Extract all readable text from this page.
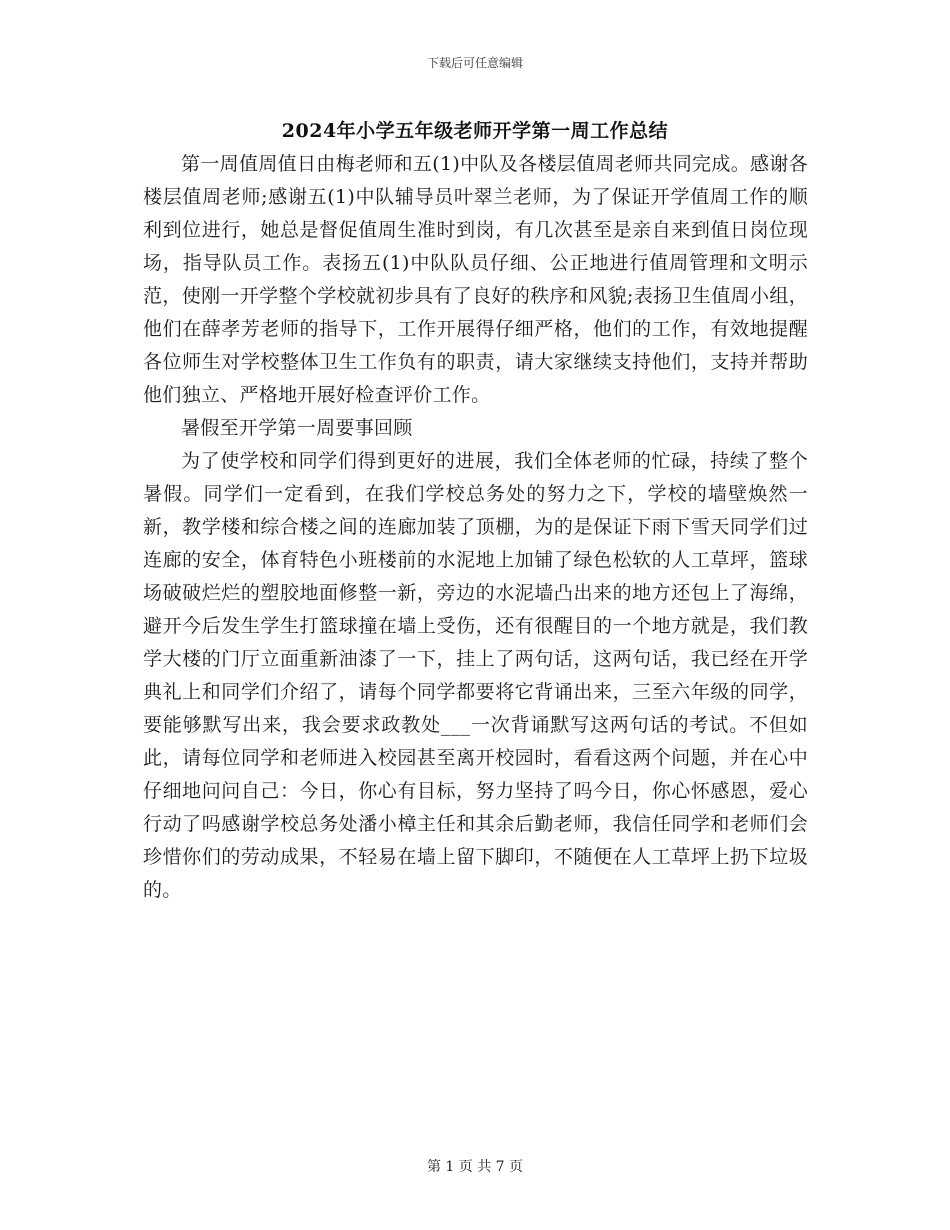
下载后可任意编辑
2024年小学五年级老师开学第一周工作总结

第一周值周值日由梅老师和五(1)中队及各楼层值周老师共同完成。感谢各楼层值周老师;感谢五(1)中队辅导员叶翠兰老师，为了保证开学值周工作的顺利到位进行，她总是督促值周生准时到岗，有几次甚至是亲自来到值日岗位现场，指导队员工作。表扬五(1)中队队员仔细、公正地进行值周管理和文明示范，使刚一开学整个学校就初步具有了良好的秩序和风貌;表扬卫生值周小组，他们在薛孝芳老师的指导下，工作开展得仔细严格，他们的工作，有效地提醒各位师生对学校整体卫生工作负有的职责，请大家继续支持他们，支持并帮助他们独立、严格地开展好检查评价工作。

暑假至开学第一周要事回顾

为了使学校和同学们得到更好的进展，我们全体老师的忙碌，持续了整个暑假。同学们一定看到，在我们学校总务处的努力之下，学校的墙壁焕然一新，教学楼和综合楼之间的连廊加装了顶棚，为的是保证下雨下雪天同学们过连廊的安全，体育特色小班楼前的水泥地上加铺了绿色松软的人工草坪，篮球场破破烂烂的塑胶地面修整一新，旁边的水泥墙凸出来的地方还包上了海绵，避开今后发生学生打篮球撞在墙上受伤，还有很醒目的一个地方就是，我们教学大楼的门厅立面重新油漆了一下，挂上了两句话，这两句话，我已经在开学典礼上和同学们介绍了，请每个同学都要将它背诵出来，三至六年级的同学，要能够默写出来，我会要求政教处___一次背诵默写这两句话的考试。不但如此，请每位同学和老师进入校园甚至离开校园时，看看这两个问题，并在心中仔细地问问自己：今日，你心有目标，努力坚持了吗今日，你心怀感恩，爱心行动了吗感谢学校总务处潘小樟主任和其余后勤老师，我信任同学和老师们会珍惜你们的劳动成果，不轻易在墙上留下脚印，不随便在人工草坪上扔下垃圾的。

第 1 页 共 7 页
